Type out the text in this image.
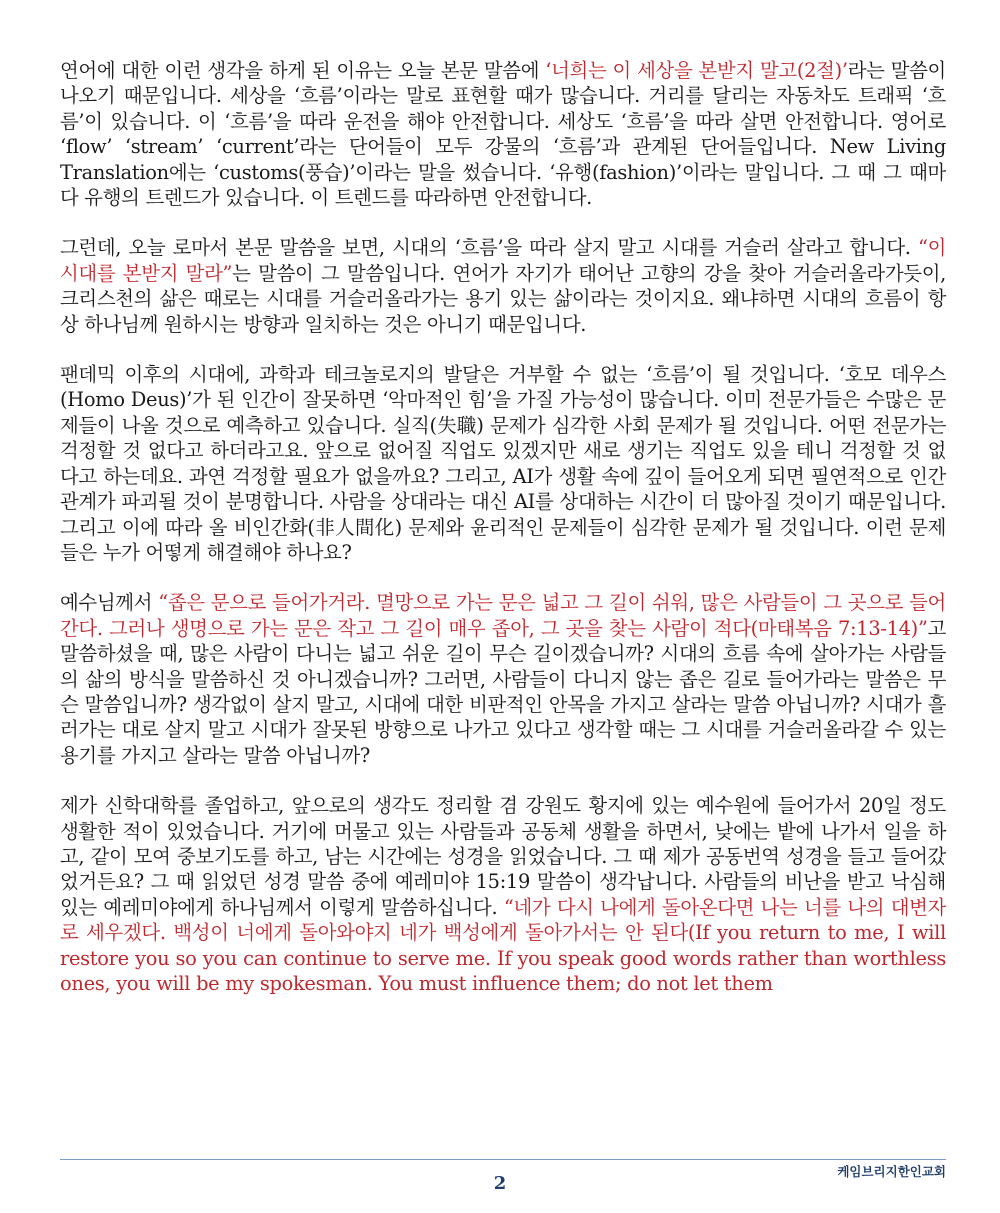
연어에 대한 이런 생각을 하게 된 이유는 오늘 본문 말씀에 ‘너희는 이 세상을 본받지 말고(2절)’라는 말씀이 나오기 때문입니다. 세상을 ‘흐름’이라는 말로 표현할 때가 많습니다. 거리를 달리는 자동차도 트래픽 ‘흐름’이 있습니다. 이 ‘흐름’을 따라 운전을 해야 안전합니다. 세상도 ‘흐름’을 따라 살면 안전합니다. 영어로 ‘flow’ ‘stream’ ‘current’라는 단어들이 모두 강물의 ‘흐름’과 관계된 단어들입니다. New Living Translation에는 ‘customs(풍습)’이라는 말을 썼습니다. ‘유행(fashion)’이라는 말입니다. 그 때 그 때마다 유행의 트렌드가 있습니다. 이 트렌드를 따라하면 안전합니다.

그런데, 오늘 로마서 본문 말씀을 보면, 시대의 ‘흐름’을 따라 살지 말고 시대를 거슬러 살라고 합니다. “이 시대를 본받지 말라”는 말씀이 그 말씀입니다. 연어가 자기가 태어난 고향의 강을 찾아 거슬러올라가듯이, 크리스천의 삶은 때로는 시대를 거슬러올라가는 용기 있는 삶이라는 것이지요. 왜냐하면 시대의 흐름이 항상 하나님께 원하시는 방향과 일치하는 것은 아니기 때문입니다.

팬데믹 이후의 시대에, 과학과 테크놀로지의 발달은 거부할 수 없는 ‘흐름’이 될 것입니다. ‘호모 데우스(Homo Deus)’가 된 인간이 잘못하면 ‘악마적인 힘’을 가질 가능성이 많습니다. 이미 전문가들은 수많은 문제들이 나올 것으로 예측하고 있습니다. 실직(失職) 문제가 심각한 사회 문제가 될 것입니다. 어떤 전문가는 걱정할 것 없다고 하더라고요. 앞으로 없어질 직업도 있겠지만 새로 생기는 직업도 있을 테니 걱정할 것 없다고 하는데요. 과연 걱정할 필요가 없을까요? 그리고, AI가 생활 속에 깊이 들어오게 되면 필연적으로 인간관계가 파괴될 것이 분명합니다. 사람을 상대라는 대신 AI를 상대하는 시간이 더 많아질 것이기 때문입니다. 그리고 이에 따라 올 비인간화(非人間化) 문제와 윤리적인 문제들이 심각한 문제가 될 것입니다. 이런 문제들은 누가 어떻게 해결해야 하나요?

예수님께서 “좁은 문으로 들어가거라. 멸망으로 가는 문은 넓고 그 길이 쉬워, 많은 사람들이 그 곳으로 들어간다. 그러나 생명으로 가는 문은 작고 그 길이 매우 좁아, 그 곳을 찾는 사람이 적다(마태복음 7:13-14)”고 말씀하셨을 때, 많은 사람이 다니는 넓고 쉬운 길이 무슨 길이겠습니까? 시대의 흐름 속에 살아가는 사람들의 삶의 방식을 말씀하신 것 아니겠습니까? 그러면, 사람들이 다니지 않는 좁은 길로 들어가라는 말씀은 무슨 말씀입니까? 생각없이 살지 말고, 시대에 대한 비판적인 안목을 가지고 살라는 말씀 아닙니까? 시대가 흘러가는 대로 살지 말고 시대가 잘못된 방향으로 나가고 있다고 생각할 때는 그 시대를 거슬러올라갈 수 있는 용기를 가지고 살라는 말씀 아닙니까?

제가 신학대학를 졸업하고, 앞으로의 생각도 정리할 겸 강원도 황지에 있는 예수원에 들어가서 20일 정도 생활한 적이 있었습니다. 거기에 머물고 있는 사람들과 공동체 생활을 하면서, 낮에는 밭에 나가서 일을 하고, 같이 모여 중보기도를 하고, 남는 시간에는 성경을 읽었습니다. 그 때 제가 공동번역 성경을 들고 들어갔었거든요? 그 때 읽었던 성경 말씀 중에 예레미야 15:19 말씀이 생각납니다. 사람들의 비난을 받고 낙심해 있는 예레미야에게 하나님께서 이렇게 말씀하십니다. “네가 다시 나에게 돌아온다면 나는 너를 나의 대변자로 세우겠다. 백성이 너에게 돌아와야지 네가 백성에게 돌아가서는 안 된다(If you return to me, I will restore you so you can continue to serve me. If you speak good words rather than worthless ones, you will be my spokesman. You must influence them; do not let them

케임브리지한인교회
2
